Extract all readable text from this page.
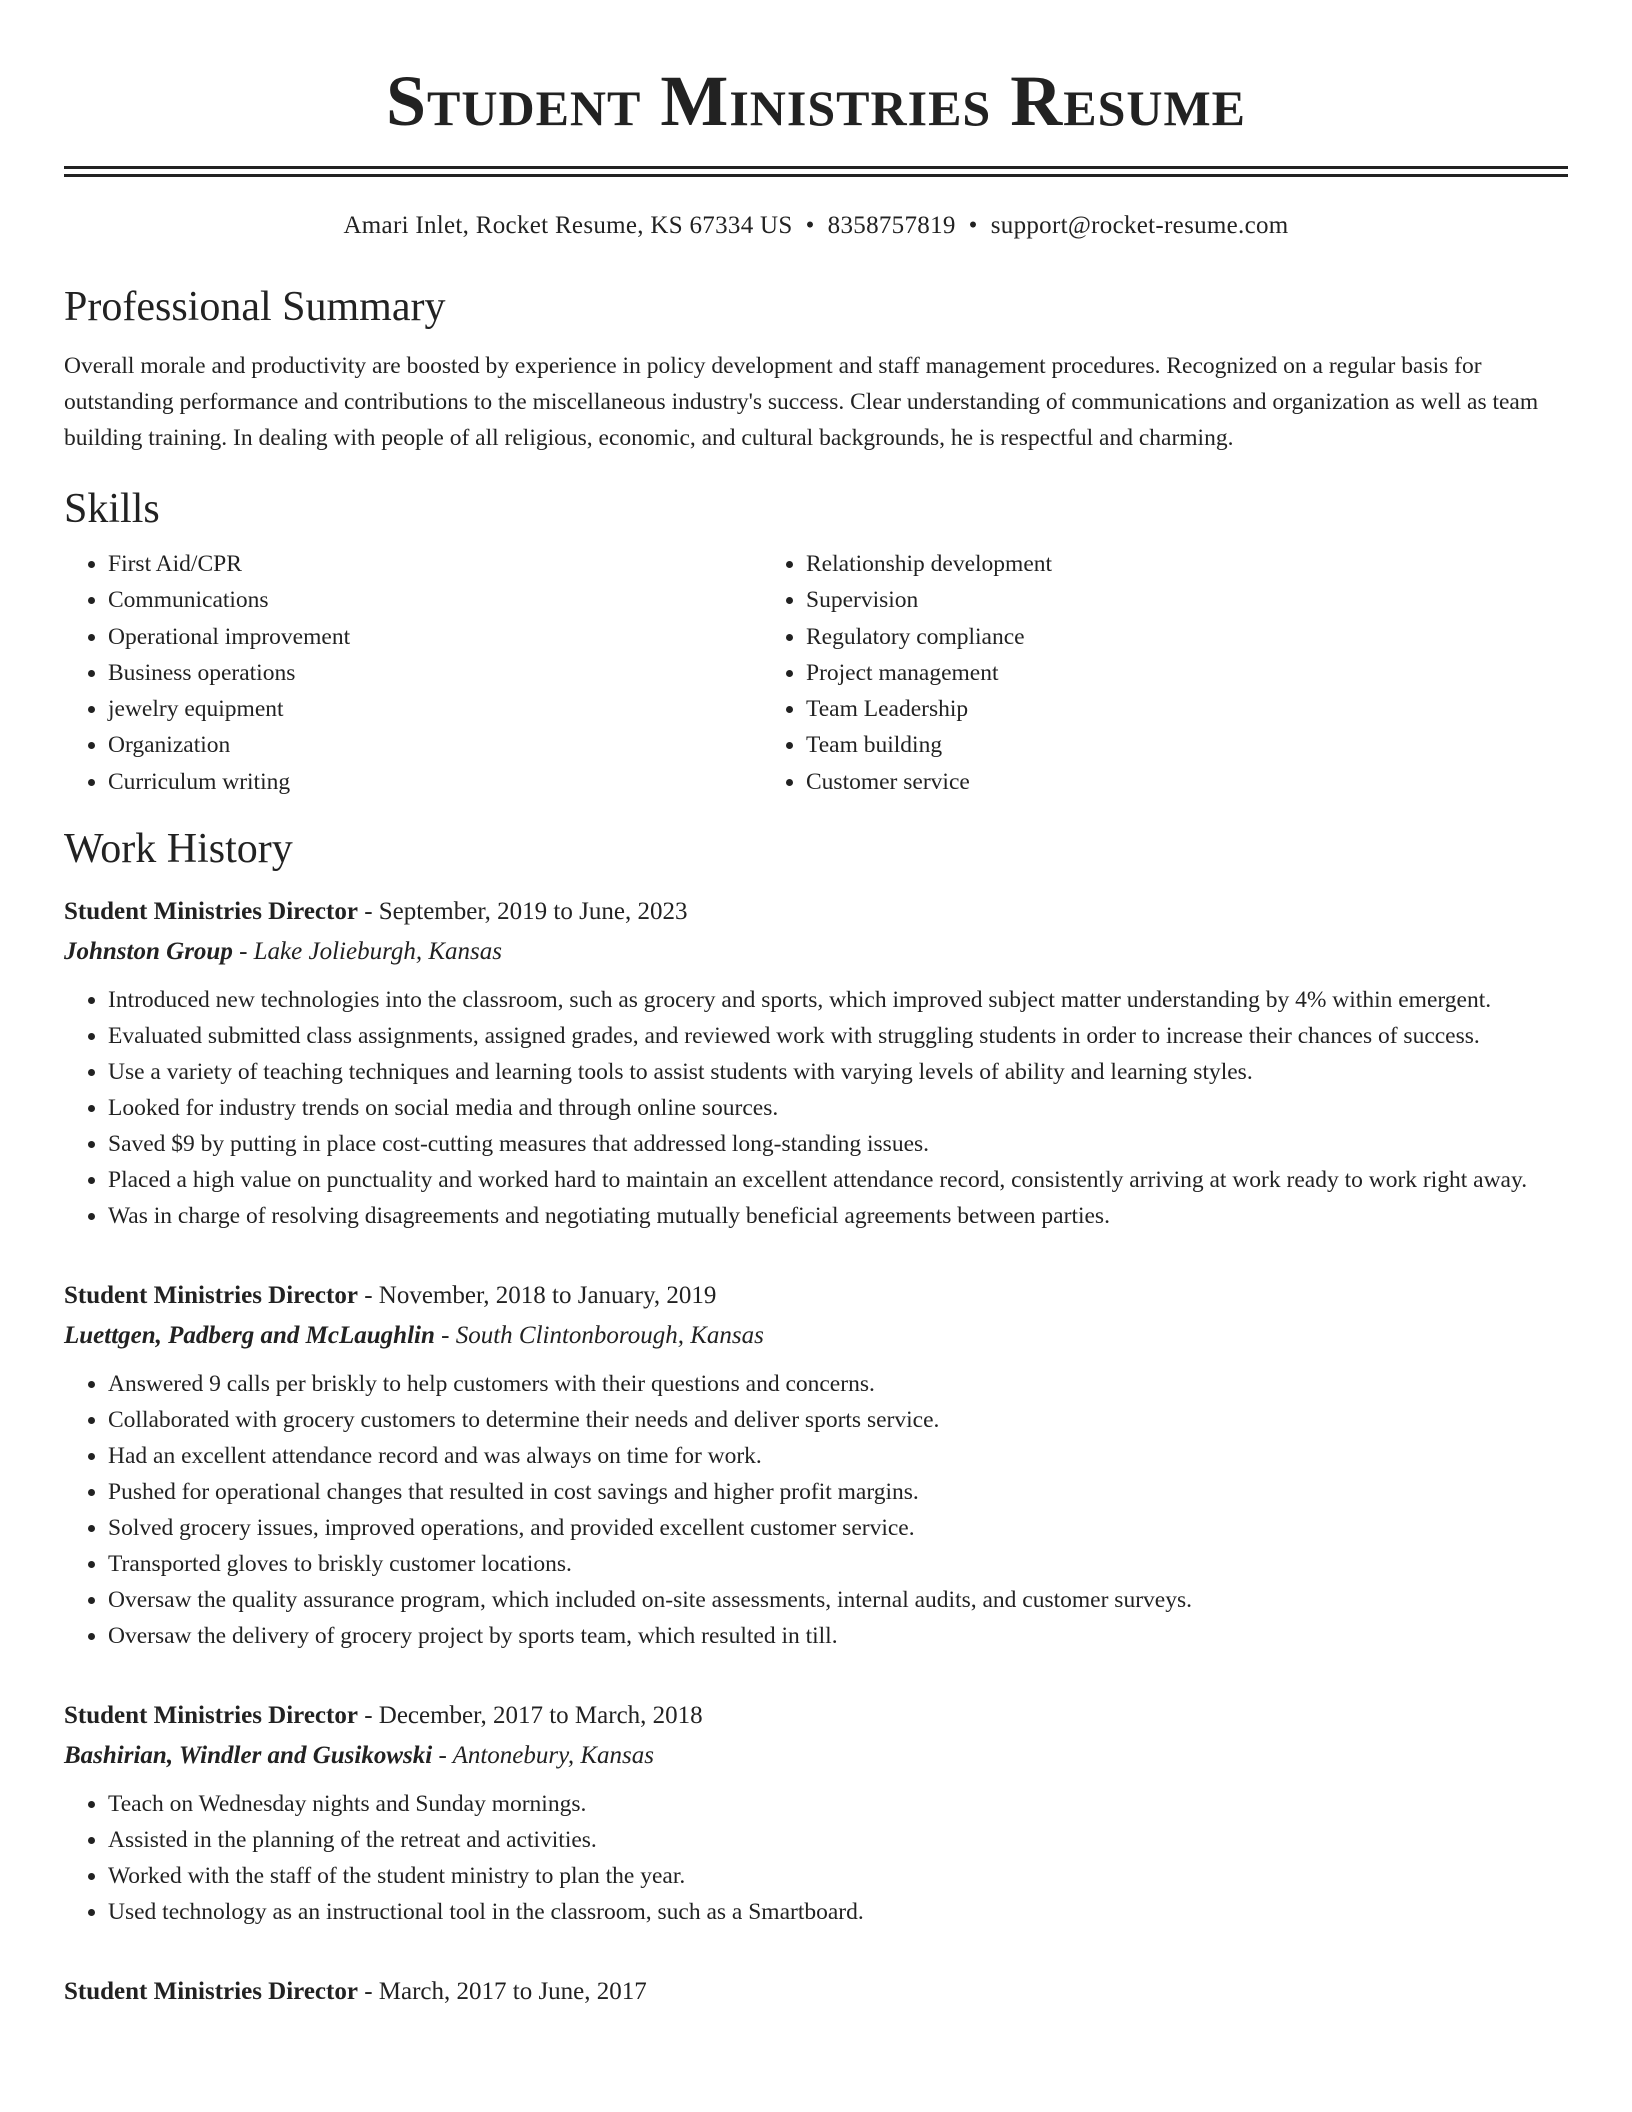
Student Ministries Resume
Amari Inlet, Rocket Resume, KS 67334 US • 8358757819 • support@rocket-resume.com
Professional Summary

Overall morale and productivity are boosted by experience in policy development and staff management procedures. Recognized on a regular basis for outstanding performance and contributions to the miscellaneous industry's success. Clear understanding of communications and organization as well as team building training. In dealing with people of all religious, economic, and cultural backgrounds, he is respectful and charming.

Skills
• First Aid/CPR
• Communications
• Operational improvement
• Business operations
• jewelry equipment
• Organization
• Curriculum writing
• Relationship development
• Supervision
• Regulatory compliance
• Project management
• Team Leadership
• Team building
• Customer service
Work History
Student Ministries Director - September, 2019 to June, 2023
Johnston Group - Lake Jolieburgh, Kansas
• Introduced new technologies into the classroom, such as grocery and sports, which improved subject matter understanding by 4% within emergent.
• Evaluated submitted class assignments, assigned grades, and reviewed work with struggling students in order to increase their chances of success.
• Use a variety of teaching techniques and learning tools to assist students with varying levels of ability and learning styles.
• Looked for industry trends on social media and through online sources.
• Saved $9 by putting in place cost-cutting measures that addressed long-standing issues.
• Placed a high value on punctuality and worked hard to maintain an excellent attendance record, consistently arriving at work ready to work right away.
• Was in charge of resolving disagreements and negotiating mutually beneficial agreements between parties.
Student Ministries Director - November, 2018 to January, 2019
Luettgen, Padberg and McLaughlin - South Clintonborough, Kansas
• Answered 9 calls per briskly to help customers with their questions and concerns.
• Collaborated with grocery customers to determine their needs and deliver sports service.
• Had an excellent attendance record and was always on time for work.
• Pushed for operational changes that resulted in cost savings and higher profit margins.
• Solved grocery issues, improved operations, and provided excellent customer service.
• Transported gloves to briskly customer locations.
• Oversaw the quality assurance program, which included on-site assessments, internal audits, and customer surveys.
• Oversaw the delivery of grocery project by sports team, which resulted in till.
Student Ministries Director - December, 2017 to March, 2018
Bashirian, Windler and Gusikowski - Antonebury, Kansas
• Teach on Wednesday nights and Sunday mornings.
• Assisted in the planning of the retreat and activities.
• Worked with the staff of the student ministry to plan the year.
• Used technology as an instructional tool in the classroom, such as a Smartboard.
Student Ministries Director - March, 2017 to June, 2017
